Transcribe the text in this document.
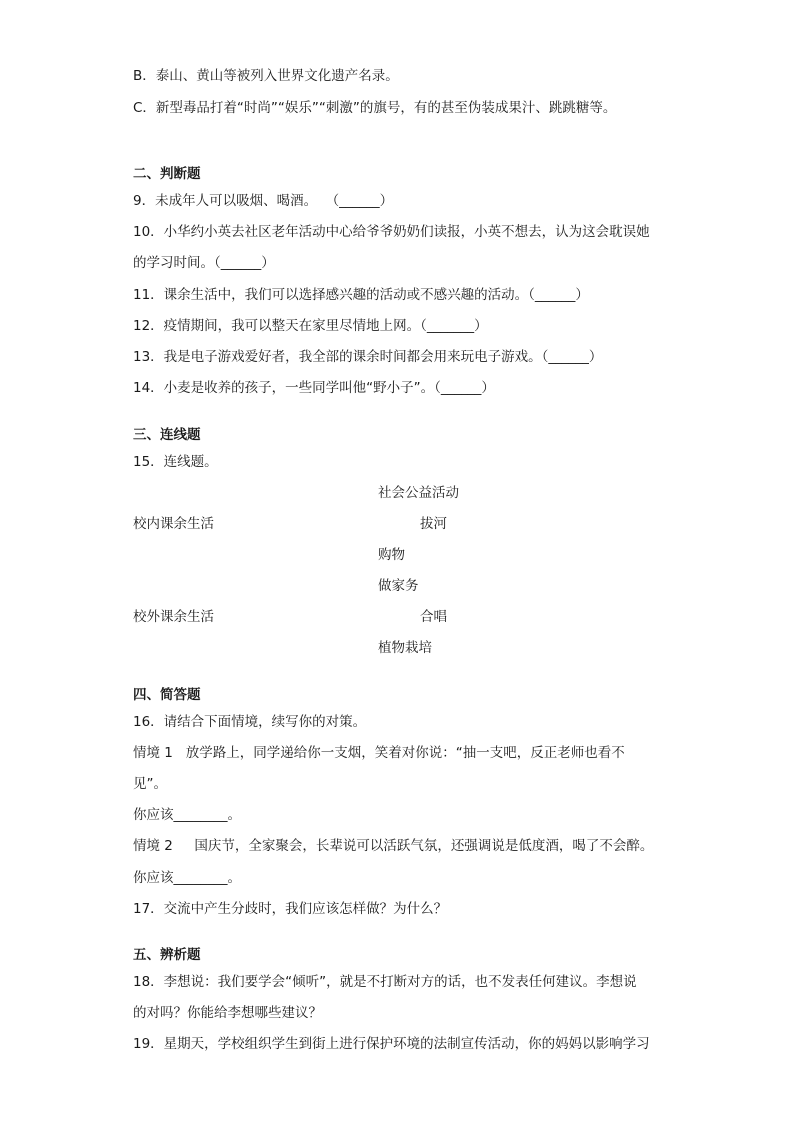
B．泰山、黄山等被列入世界文化遗产名录。
C．新型毒品打着“时尚”“娱乐”“刺激”的旗号，有的甚至伪装成果汁、跳跳糖等。
二、判断题
9．未成年人可以吸烟、喝酒。  （______）
10．小华约小英去社区老年活动中心给爷爷奶奶们读报，小英不想去，认为这会耽误她
的学习时间。（______）
11．课余生活中，我们可以选择感兴趣的活动或不感兴趣的活动。（______）
12．疫情期间，我可以整天在家里尽情地上网。（_______）
13．我是电子游戏爱好者，我全部的课余时间都会用来玩电子游戏。（______）
14．小麦是收养的孩子，一些同学叫他“野小子”。（______）
三、连线题
15．连线题。
校内课余生活
校外课余生活
社会公益活动
拔河
购物
做家务
合唱
植物栽培
四、简答题
16．请结合下面情境，续写你的对策。
情境 1   放学路上，同学递给你一支烟，笑着对你说：“抽一支吧，反正老师也看不
见”。
你应该________。
情境 2     国庆节，全家聚会，长辈说可以活跃气氛，还强调说是低度酒，喝了不会醉。
你应该________。
17．交流中产生分歧时，我们应该怎样做？为什么？
五、辨析题
18．李想说：我们要学会“倾听”，就是不打断对方的话，也不发表任何建议。李想说
的对吗？你能给李想哪些建议？
19．星期天，学校组织学生到街上进行保护环境的法制宣传活动，你的妈妈以影响学习
